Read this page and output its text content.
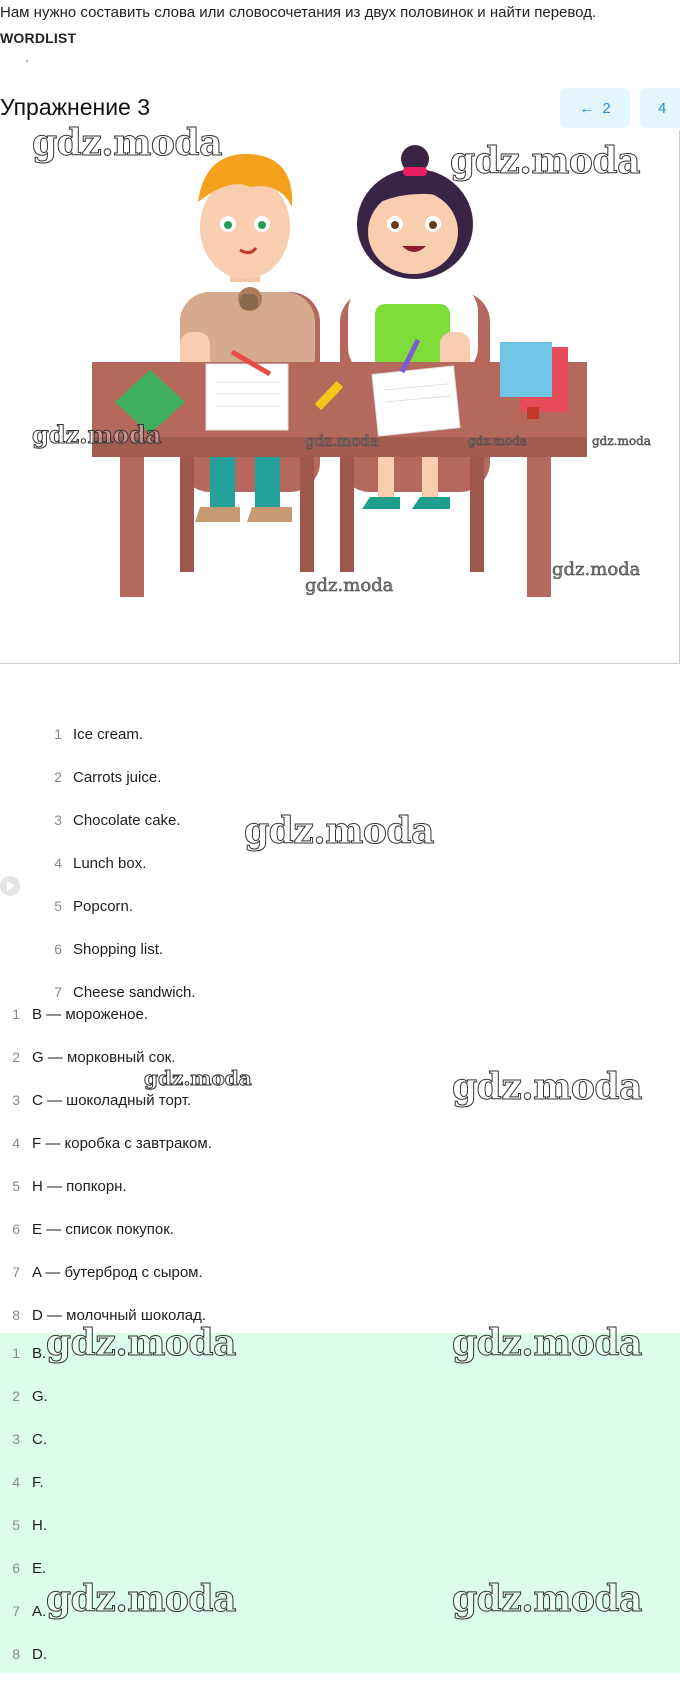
Нам нужно составить слова или словосочетания из двух половинок и найти перевод.
WORDLIST
Упражнение 3	← 2	4
gdz.moda	gdz.moda
gdz.moda	gdz.moda	gdz.moda	gdz.moda
gdz.moda
gdz.moda
1 Ice cream.
2 Carrots juice.
3 Chocolate cake.
4 Lunch box.
5 Popcorn.
6 Shopping list.
7 Cheese sandwich.
gdz.moda
1 B — мороженое.
2 G — морковный сок.
3 C — шоколадный торт.
4 F — коробка с завтраком.
5 H — попкорн.
6 E — список покупок.
7 A — бутерброд с сыром.
8 D — молочный шоколад.
gdz.moda	gdz.moda
1 B.
2 G.
3 C.
4 F.
5 H.
6 E.
7 A.
8 D.
gdz.moda	gdz.moda
gdz.moda	gdz.moda
